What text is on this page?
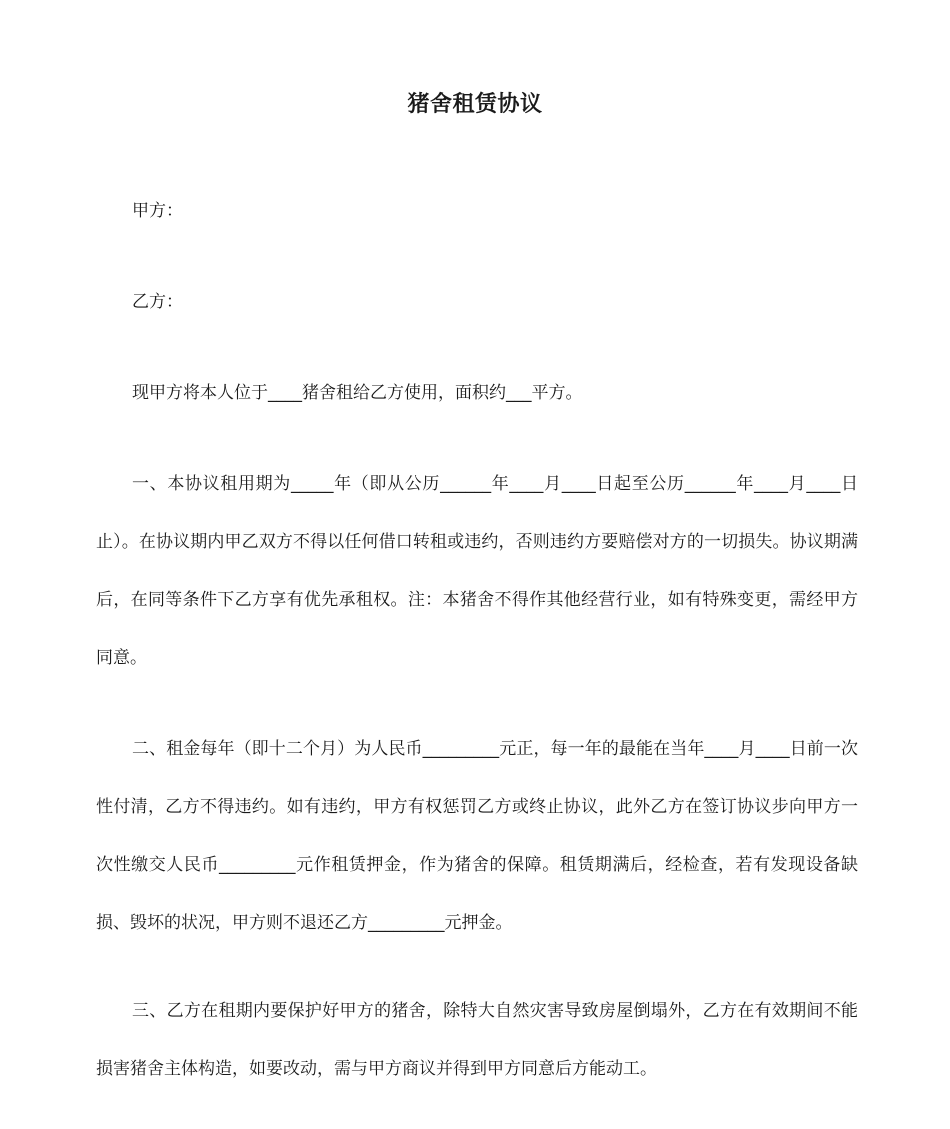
猪舍租赁协议

甲方：

乙方：

现甲方将本人位于____猪舍租给乙方使用，面积约___平方。

一、本协议租用期为_____年（即从公历______年____月____日起至公历______年____月____日止）。在协议期内甲乙双方不得以任何借口转租或违约，否则违约方要赔偿对方的一切损失。协议期满后，在同等条件下乙方享有优先承租权。注：本猪舍不得作其他经营行业，如有特殊变更，需经甲方同意。

二、租金每年（即十二个月）为人民币_________元正，每一年的最能在当年____月____日前一次性付清，乙方不得违约。如有违约，甲方有权惩罚乙方或终止协议，此外乙方在签订协议步向甲方一次性缴交人民币_________元作租赁押金，作为猪舍的保障。租赁期满后，经检查，若有发现设备缺损、毁坏的状况，甲方则不退还乙方_________元押金。

三、乙方在租期内要保护好甲方的猪舍，除特大自然灾害导致房屋倒塌外，乙方在有效期间不能损害猪舍主体构造，如要改动，需与甲方商议并得到甲方同意后方能动工。
